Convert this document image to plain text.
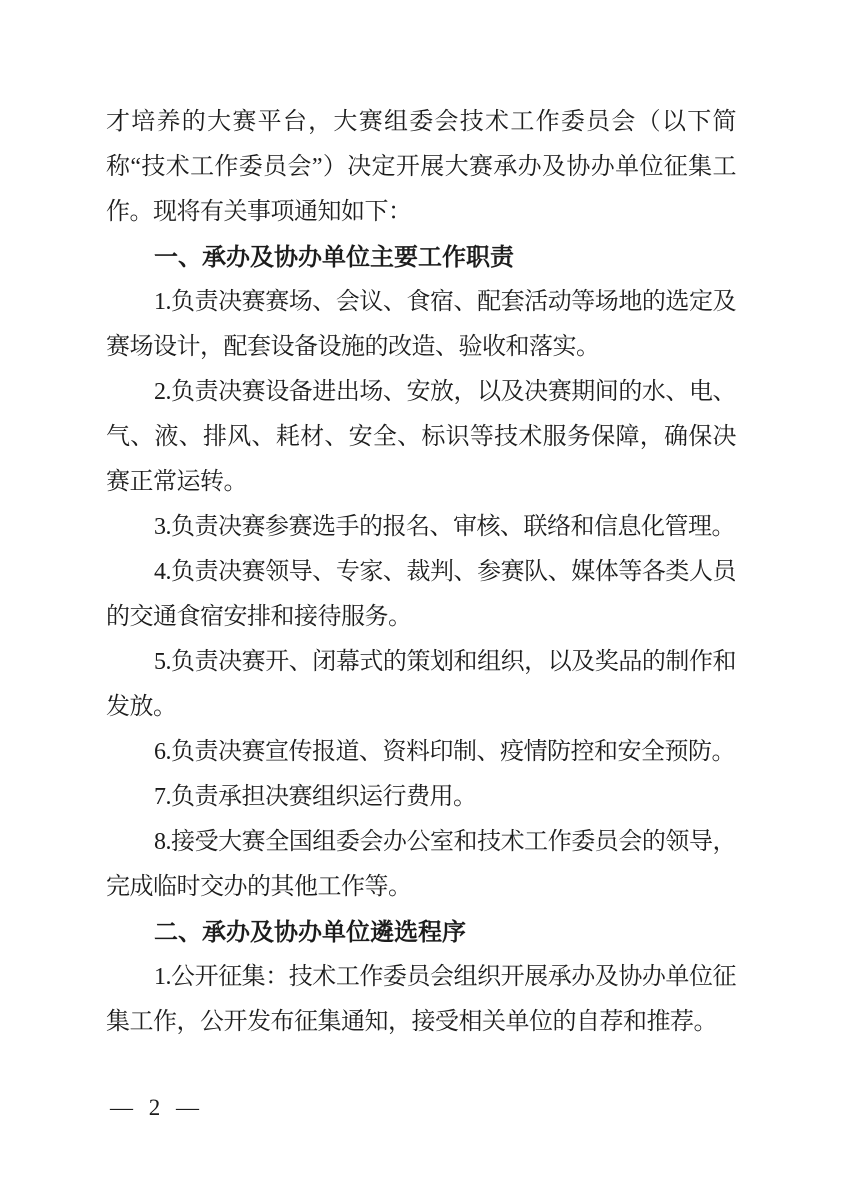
才培养的大赛平台，大赛组委会技术工作委员会（以下简称“技术工作委员会”）决定开展大赛承办及协办单位征集工作。现将有关事项通知如下：

一、承办及协办单位主要工作职责

1.负责决赛赛场、会议、食宿、配套活动等场地的选定及赛场设计，配套设备设施的改造、验收和落实。

2.负责决赛设备进出场、安放，以及决赛期间的水、电、气、液、排风、耗材、安全、标识等技术服务保障，确保决赛正常运转。

3.负责决赛参赛选手的报名、审核、联络和信息化管理。

4.负责决赛领导、专家、裁判、参赛队、媒体等各类人员的交通食宿安排和接待服务。

5.负责决赛开、闭幕式的策划和组织，以及奖品的制作和发放。

6.负责决赛宣传报道、资料印制、疫情防控和安全预防。

7.负责承担决赛组织运行费用。

8.接受大赛全国组委会办公室和技术工作委员会的领导，完成临时交办的其他工作等。

二、承办及协办单位遴选程序

1.公开征集：技术工作委员会组织开展承办及协办单位征集工作，公开发布征集通知，接受相关单位的自荐和推荐。

— 2 —
